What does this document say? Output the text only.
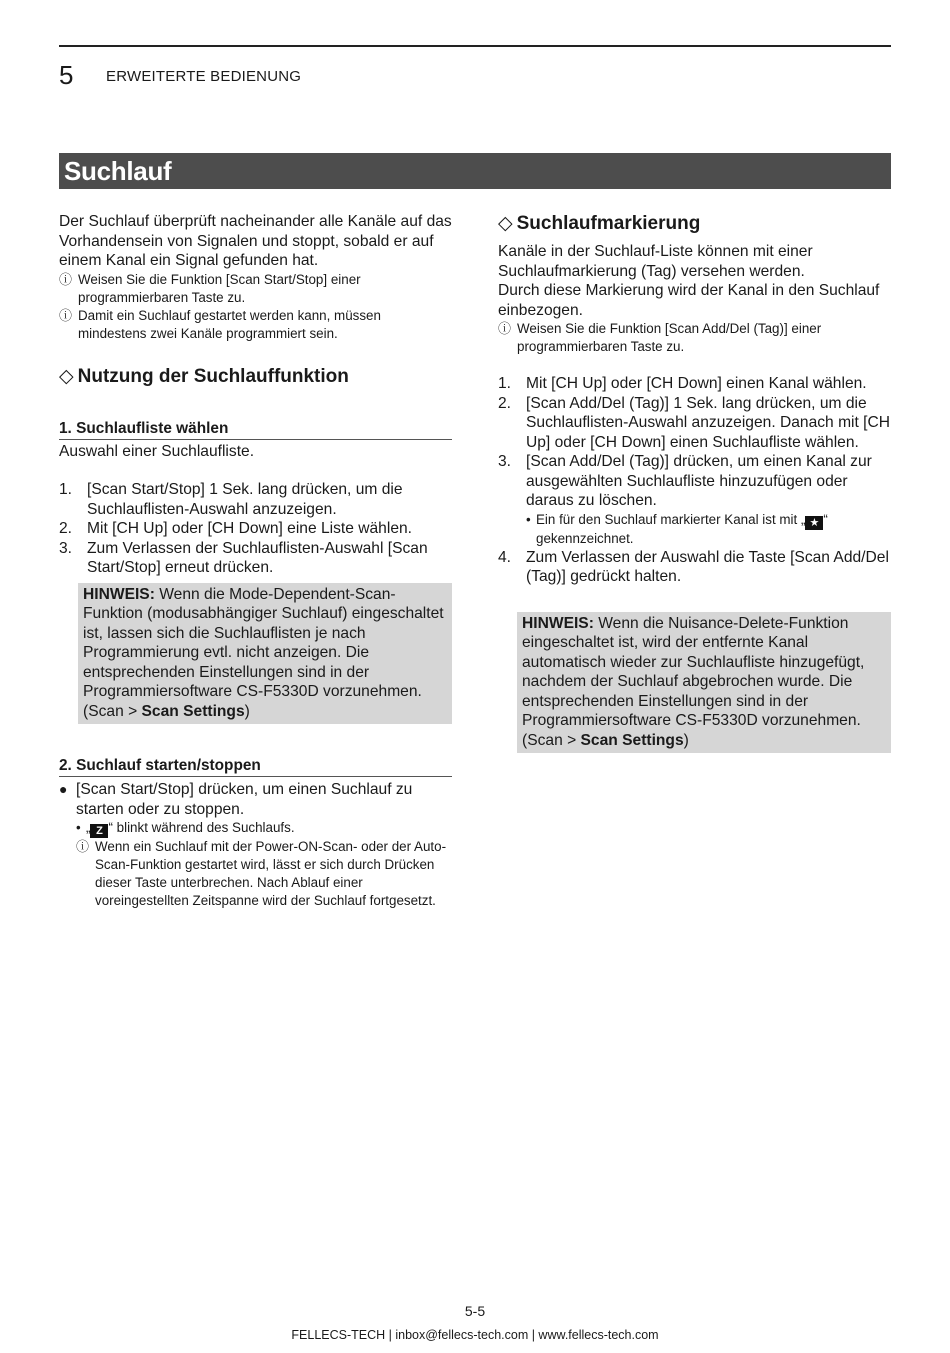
5 ERWEITERTE BEDIENUNG
Suchlauf

Der Suchlauf überprüft nacheinander alle Kanäle auf das Vorhandensein von Signalen und stoppt, sobald er auf einem Kanal ein Signal gefunden hat.

ⓘ Weisen Sie die Funktion [Scan Start/Stop] einer programmierbaren Taste zu.
ⓘ Damit ein Suchlauf gestartet werden kann, müssen mindestens zwei Kanäle programmiert sein.
◇ Nutzung der Suchlauffunktion
1. Suchlaufliste wählen

Auswahl einer Suchlaufliste.

1. [Scan Start/Stop] 1 Sek. lang drücken, um die Suchlauflisten-Auswahl anzuzeigen.
2. Mit [CH Up] oder [CH Down] eine Liste wählen.
3. Zum Verlassen der Suchlauflisten-Auswahl [Scan Start/Stop] erneut drücken.
HINWEIS: Wenn die Mode-Dependent-Scan-Funktion (modusabhängiger Suchlauf) eingeschaltet ist, lassen sich die Suchlauflisten je nach Programmierung evtl. nicht anzeigen. Die entsprechenden Einstellungen sind in der Programmiersoftware CS-F5330D vorzunehmen. (Scan > Scan Settings)
2. Suchlauf starten/stoppen
● [Scan Start/Stop] drücken, um einen Suchlauf zu starten oder zu stoppen.
• „ Z “ blinkt während des Suchlaufs.
ⓘ Wenn ein Suchlauf mit der Power-ON-Scan- oder der Auto-Scan-Funktion gestartet wird, lässt er sich durch Drücken dieser Taste unterbrechen. Nach Ablauf einer voreingestellten Zeitspanne wird der Suchlauf fortgesetzt.
◇ Suchlaufmarkierung

Kanäle in der Suchlauf-Liste können mit einer Suchlaufmarkierung (Tag) versehen werden.

Durch diese Markierung wird der Kanal in den Suchlauf einbezogen.

ⓘ Weisen Sie die Funktion [Scan Add/Del (Tag)] einer programmierbaren Taste zu.
1. Mit [CH Up] oder [CH Down] einen Kanal wählen.
2. [Scan Add/Del (Tag)] 1 Sek. lang drücken, um die Suchlauflisten-Auswahl anzuzeigen. Danach mit [CH Up] oder [CH Down] einen Suchlaufliste wählen.
3. [Scan Add/Del (Tag)] drücken, um einen Kanal zur ausgewählten Suchlaufliste hinzuzufügen oder daraus zu löschen.
• Ein für den Suchlauf markierter Kanal ist mit „ ★ “ gekennzeichnet.
4. Zum Verlassen der Auswahl die Taste [Scan Add/Del (Tag)] gedrückt halten.
HINWEIS: Wenn die Nuisance-Delete-Funktion eingeschaltet ist, wird der entfernte Kanal automatisch wieder zur Suchlaufliste hinzugefügt, nachdem der Suchlauf abgebrochen wurde. Die entsprechenden Einstellungen sind in der Programmiersoftware CS-F5330D vorzunehmen. (Scan > Scan Settings)
5-5
FELLECS-TECH | inbox@fellecs-tech.com | www.fellecs-tech.com
